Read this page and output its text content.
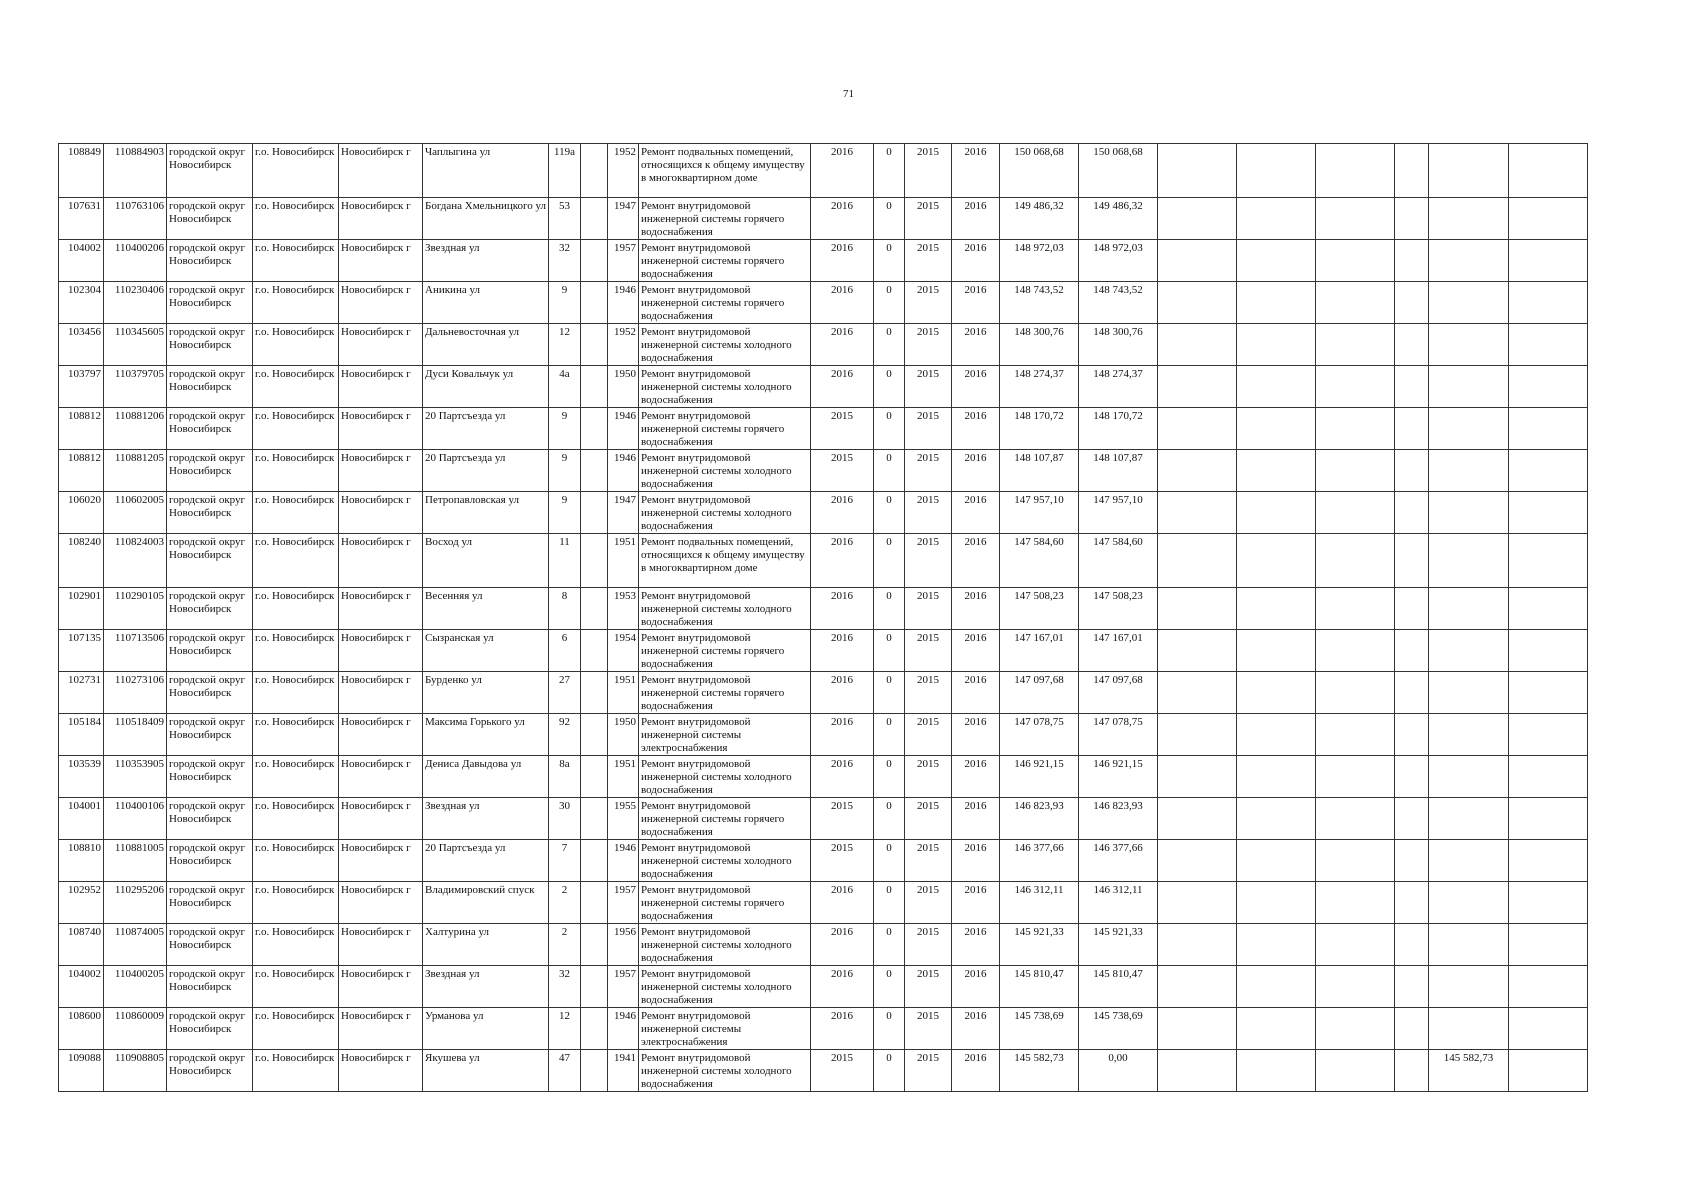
71
108849	110884903	городской округ Новосибирск	г.о. Новосибирск	Новосибирск г	Чаплыгина ул	119а		1952	Ремонт подвальных помещений, относящихся к общему имуществу в многоквартирном доме	2016	0	2015	2016	150 068,68	150 068,68						
107631	110763106	городской округ Новосибирск	г.о. Новосибирск	Новосибирск г	Богдана Хмельницкого ул	53		1947	Ремонт внутридомовой инженерной системы горячего водоснабжения	2016	0	2015	2016	149 486,32	149 486,32						
104002	110400206	городской округ Новосибирск	г.о. Новосибирск	Новосибирск г	Звездная ул	32		1957	Ремонт внутридомовой инженерной системы горячего водоснабжения	2016	0	2015	2016	148 972,03	148 972,03						
102304	110230406	городской округ Новосибирск	г.о. Новосибирск	Новосибирск г	Аникина ул	9		1946	Ремонт внутридомовой инженерной системы горячего водоснабжения	2016	0	2015	2016	148 743,52	148 743,52						
103456	110345605	городской округ Новосибирск	г.о. Новосибирск	Новосибирск г	Дальневосточная ул	12		1952	Ремонт внутридомовой инженерной системы холодного водоснабжения	2016	0	2015	2016	148 300,76	148 300,76						
103797	110379705	городской округ Новосибирск	г.о. Новосибирск	Новосибирск г	Дуси Ковальчук ул	4а		1950	Ремонт внутридомовой инженерной системы холодного водоснабжения	2016	0	2015	2016	148 274,37	148 274,37						
108812	110881206	городской округ Новосибирск	г.о. Новосибирск	Новосибирск г	20 Партсъезда ул	9		1946	Ремонт внутридомовой инженерной системы горячего водоснабжения	2015	0	2015	2016	148 170,72	148 170,72						
108812	110881205	городской округ Новосибирск	г.о. Новосибирск	Новосибирск г	20 Партсъезда ул	9		1946	Ремонт внутридомовой инженерной системы холодного водоснабжения	2015	0	2015	2016	148 107,87	148 107,87						
106020	110602005	городской округ Новосибирск	г.о. Новосибирск	Новосибирск г	Петропавловская ул	9		1947	Ремонт внутридомовой инженерной системы холодного водоснабжения	2016	0	2015	2016	147 957,10	147 957,10						
108240	110824003	городской округ Новосибирск	г.о. Новосибирск	Новосибирск г	Восход ул	11		1951	Ремонт подвальных помещений, относящихся к общему имуществу в многоквартирном доме	2016	0	2015	2016	147 584,60	147 584,60						
102901	110290105	городской округ Новосибирск	г.о. Новосибирск	Новосибирск г	Весенняя ул	8		1953	Ремонт внутридомовой инженерной системы холодного водоснабжения	2016	0	2015	2016	147 508,23	147 508,23						
107135	110713506	городской округ Новосибирск	г.о. Новосибирск	Новосибирск г	Сызранская ул	6		1954	Ремонт внутридомовой инженерной системы горячего водоснабжения	2016	0	2015	2016	147 167,01	147 167,01						
102731	110273106	городской округ Новосибирск	г.о. Новосибирск	Новосибирск г	Бурденко ул	27		1951	Ремонт внутридомовой инженерной системы горячего водоснабжения	2016	0	2015	2016	147 097,68	147 097,68						
105184	110518409	городской округ Новосибирск	г.о. Новосибирск	Новосибирск г	Максима Горького ул	92		1950	Ремонт внутридомовой инженерной системы электроснабжения	2016	0	2015	2016	147 078,75	147 078,75						
103539	110353905	городской округ Новосибирск	г.о. Новосибирск	Новосибирск г	Дениса Давыдова ул	8а		1951	Ремонт внутридомовой инженерной системы холодного водоснабжения	2016	0	2015	2016	146 921,15	146 921,15						
104001	110400106	городской округ Новосибирск	г.о. Новосибирск	Новосибирск г	Звездная ул	30		1955	Ремонт внутридомовой инженерной системы горячего водоснабжения	2015	0	2015	2016	146 823,93	146 823,93						
108810	110881005	городской округ Новосибирск	г.о. Новосибирск	Новосибирск г	20 Партсъезда ул	7		1946	Ремонт внутридомовой инженерной системы холодного водоснабжения	2015	0	2015	2016	146 377,66	146 377,66						
102952	110295206	городской округ Новосибирск	г.о. Новосибирск	Новосибирск г	Владимировский спуск	2		1957	Ремонт внутридомовой инженерной системы горячего водоснабжения	2016	0	2015	2016	146 312,11	146 312,11						
108740	110874005	городской округ Новосибирск	г.о. Новосибирск	Новосибирск г	Халтурина ул	2		1956	Ремонт внутридомовой инженерной системы холодного водоснабжения	2016	0	2015	2016	145 921,33	145 921,33						
104002	110400205	городской округ Новосибирск	г.о. Новосибирск	Новосибирск г	Звездная ул	32		1957	Ремонт внутридомовой инженерной системы холодного водоснабжения	2016	0	2015	2016	145 810,47	145 810,47						
108600	110860009	городской округ Новосибирск	г.о. Новосибирск	Новосибирск г	Урманова ул	12		1946	Ремонт внутридомовой инженерной системы электроснабжения	2016	0	2015	2016	145 738,69	145 738,69						
109088	110908805	городской округ Новосибирск	г.о. Новосибирск	Новосибирск г	Якушева ул	47		1941	Ремонт внутридомовой инженерной системы холодного водоснабжения	2015	0	2015	2016	145 582,73	0,00					145 582,73	
